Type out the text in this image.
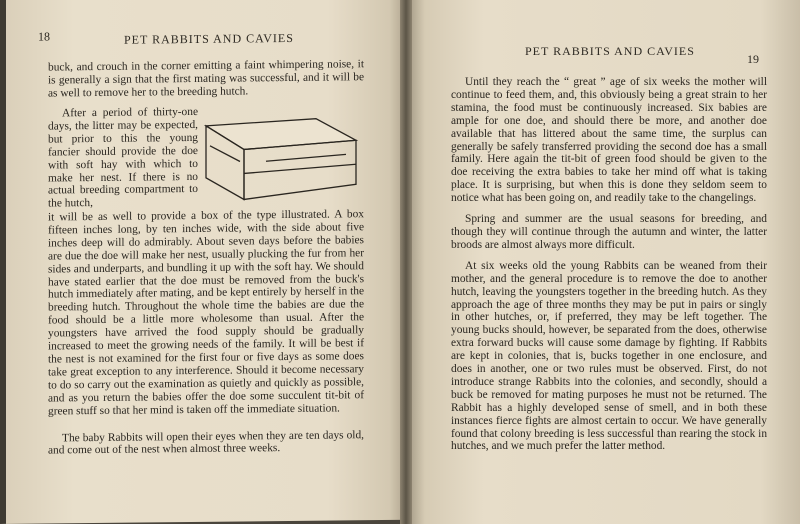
18	PET RABBITS AND CAVIES

buck, and crouch in the corner emitting a faint whimpering noise, it is generally a sign that the first mating was successful, and it will be as well to remove her to the breeding hutch.

After a period of thirty-one days, the litter may be expected, but prior to this the young fancier should provide the doe with soft hay with which to make her nest. If there is no actual breeding compartment to the hutch,

it will be as well to provide a box of the type illustrated. A box fifteen inches long, by ten inches wide, with the side about five inches deep will do admirably. About seven days before the babies are due the doe will make her nest, usually plucking the fur from her sides and underparts, and bundling it up with the soft hay. We should have stated earlier that the doe must be removed from the buck's hutch immediately after mating, and be kept entirely by herself in the breeding hutch. Throughout the whole time the babies are due the food should be a little more wholesome than usual. After the youngsters have arrived the food supply should be gradually increased to meet the growing needs of the family. It will be best if the nest is not examined for the first four or five days as some does take great exception to any interference. Should it become necessary to do so carry out the examination as quietly and quickly as possible, and as you return the babies offer the doe some succulent tit-bit of green stuff so that her mind is taken off the immediate situation.

The baby Rabbits will open their eyes when they are ten days old, and come out of the nest when almost three weeks.

PET RABBITS AND CAVIES
19

Until they reach the “ great ” age of six weeks the mother will continue to feed them, and, this obviously being a great strain to her stamina, the food must be continuously increased. Six babies are ample for one doe, and should there be more, and another doe available that has littered about the same time, the surplus can generally be safely transferred providing the second doe has a small family. Here again the tit-bit of green food should be given to the doe receiving the extra babies to take her mind off what is taking place. It is surprising, but when this is done they seldom seem to notice what has been going on, and readily take to the changelings.

Spring and summer are the usual seasons for breeding, and though they will continue through the autumn and winter, the latter broods are almost always more difficult.

At six weeks old the young Rabbits can be weaned from their mother, and the general procedure is to remove the doe to another hutch, leaving the youngsters together in the breeding hutch. As they approach the age of three months they may be put in pairs or singly in other hutches, or, if preferred, they may be left together. The young bucks should, however, be separated from the does, otherwise extra forward bucks will cause some damage by fighting. If Rabbits are kept in colonies, that is, bucks together in one enclosure, and does in another, one or two rules must be observed. First, do not introduce strange Rabbits into the colonies, and secondly, should a buck be removed for mating purposes he must not be returned. The Rabbit has a highly developed sense of smell, and in both these instances fierce fights are almost certain to occur. We have generally found that colony breeding is less successful than rearing the stock in hutches, and we much prefer the latter method.
